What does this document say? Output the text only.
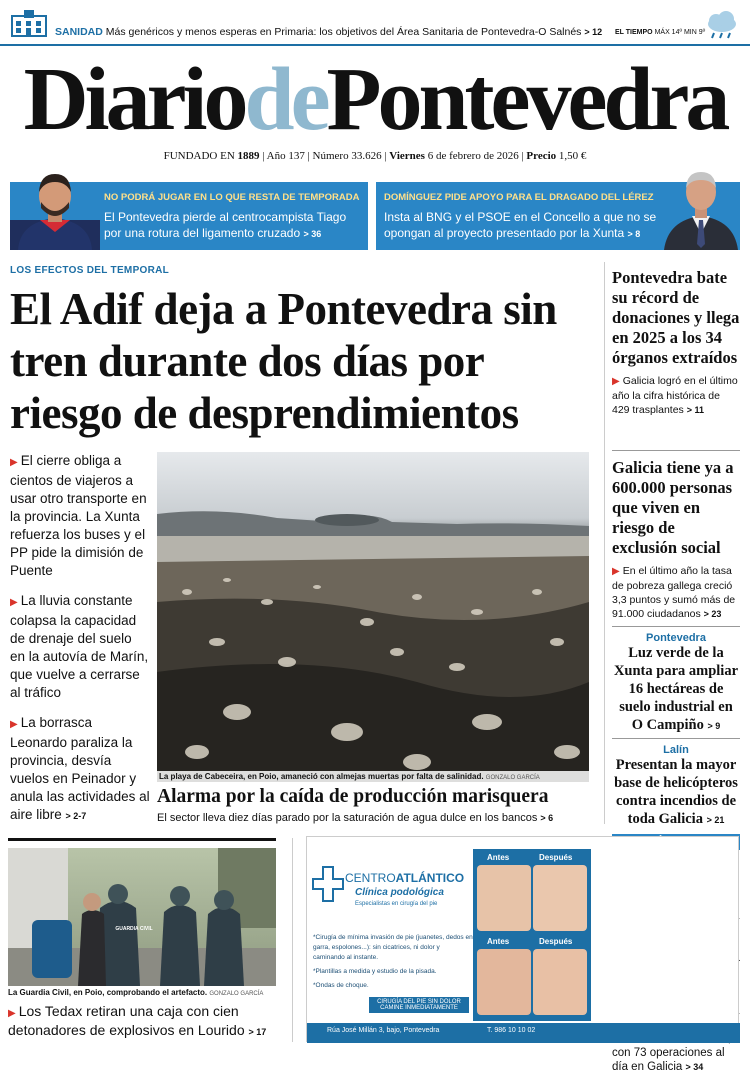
SANIDAD Más genéricos y menos esperas en Primaria: los objetivos del Área Sanitaria de Pontevedra-O Salnés > 12 EL TIEMPO MÁX 14º MIN 9º
DiariodePontevedra
FUNDADO EN 1889 | Año 137 | Número 33.626 | Viernes 6 de febrero de 2026 | Precio 1,50 €
NO PODRÁ JUGAR EN LO QUE RESTA DE TEMPORADA
El Pontevedra pierde al centrocampista Tiago por una rotura del ligamento cruzado > 36
DOMÍNGUEZ PIDE APOYO PARA EL DRAGADO DEL LÉREZ
Insta al BNG y el PSOE en el Concello a que no se opongan al proyecto presentado por la Xunta > 8
LOS EFECTOS DEL TEMPORAL
El Adif deja a Pontevedra sin tren durante dos días por riesgo de desprendimientos

▶ El cierre obliga a cientos de viajeros a usar otro transporte en la provincia. La Xunta refuerza los buses y el PP pide la dimisión de Puente

▶ La lluvia constante colapsa la capacidad de drenaje del suelo en la autovía de Marín, que vuelve a cerrarse al tráfico

▶ La borrasca Leonardo paraliza la provincia, desvía vuelos en Peinador y anula las actividades al aire libre > 2-7

La playa de Cabeceira, en Poio, amaneció con almejas muertas por falta de salinidad. GONZALO GARCÍA
Alarma por la caída de producción marisquera
El sector lleva diez días parado por la saturación de agua dulce en los bancos > 6
Pontevedra bate su récord de donaciones y llega en 2025 a los 34 órganos extraídos
▶ Galicia logró en el último año la cifra histórica de 429 trasplantes > 11
Galicia tiene ya a 600.000 personas que viven en riesgo de exclusión social
▶ En el último año la tasa de pobreza gallega creció 3,3 puntos y sumó más de 91.000 ciudadanos > 23
Pontevedra
Luz verde de la Xunta para ampliar 16 hectáreas de suelo industrial en O Campiño > 9
Lalín
Presentan la mayor base de helicópteros contra incendios de toda Galicia > 21
con 73 operaciones al día en Galicia > 34
GUARDIA CIVIL
La Guardia Civil, en Poio, comprobando el artefacto. GONZALO GARCÍA
▶ Los Tedax retiran una caja con cien detonadores de explosivos en Lourido > 17
CENTROATLÁNTICO
Clínica podológica
Especialistas en cirugía del pie
*Cirugía de mínima invasión de pie (juanetes, dedos en garra, espolones...): sin cicatrices, ni dolor y caminando al instante.
*Plantillas a medida y estudio de la pisada.
*Ondas de choque.
CIRUGÍA DEL PIE SIN DOLOR CAMINE INMEDIATAMENTE
Rúa José Millán 3, bajo, Pontevedra	T. 986 10 10 02
Antes	Después
Antes	Después
